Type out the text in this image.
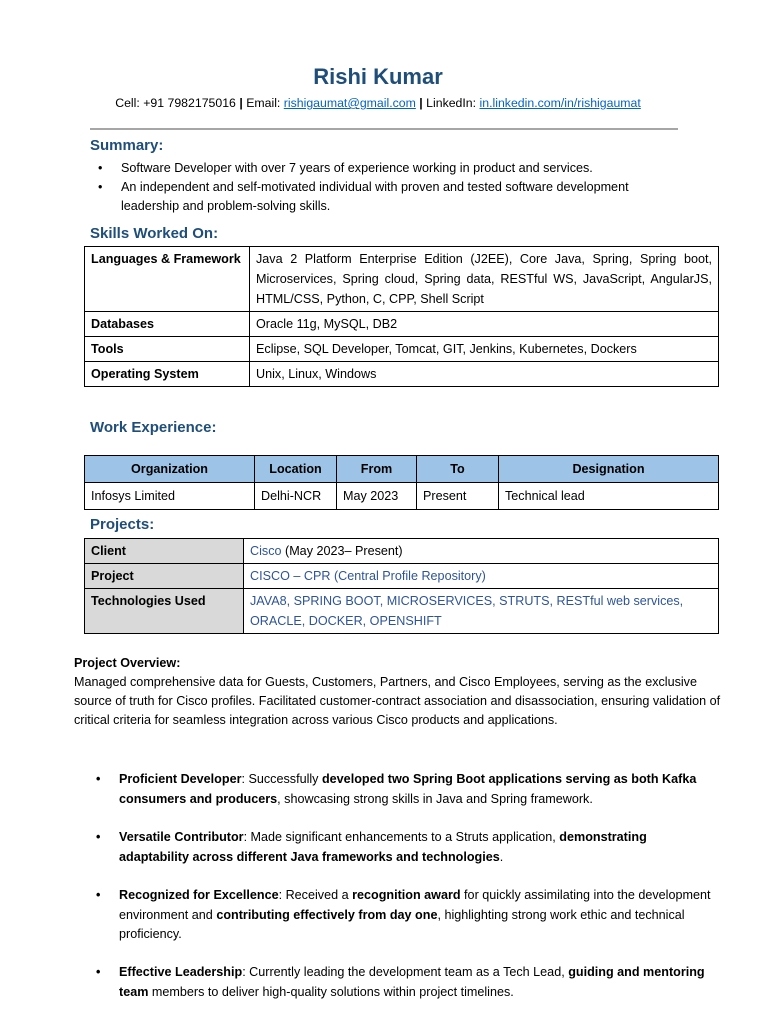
Rishi Kumar
Cell: +91 7982175016 | Email: rishigaumat@gmail.com | LinkedIn: in.linkedin.com/in/rishigaumat
Summary:
• Software Developer with over 7 years of experience working in product and services.
• An independent and self-motivated individual with proven and tested software development leadership and problem-solving skills.
Skills Worked On:
Languages & Framework	Java 2 Platform Enterprise Edition (J2EE), Core Java, Spring, Spring boot, Microservices, Spring cloud, Spring data, RESTful WS, JavaScript, AngularJS, HTML/CSS, Python, C, CPP, Shell Script
Databases	Oracle 11g, MySQL, DB2
Tools	Eclipse, SQL Developer, Tomcat, GIT, Jenkins, Kubernetes, Dockers
Operating System	Unix, Linux, Windows
Work Experience:
Organization	Location	From	To	Designation
Infosys Limited	Delhi-NCR	May 2023	Present	Technical lead
Projects:
Client	Cisco (May 2023– Present)
Project	CISCO – CPR (Central Profile Repository)
Technologies Used	JAVA8, SPRING BOOT, MICROSERVICES, STRUTS, RESTful web services, ORACLE, DOCKER, OPENSHIFT
Project Overview:
Managed comprehensive data for Guests, Customers, Partners, and Cisco Employees, serving as the exclusive source of truth for Cisco profiles. Facilitated customer-contract association and disassociation, ensuring validation of critical criteria for seamless integration across various Cisco products and applications.
• Proficient Developer: Successfully developed two Spring Boot applications serving as both Kafka consumers and producers, showcasing strong skills in Java and Spring framework.
• Versatile Contributor: Made significant enhancements to a Struts application, demonstrating adaptability across different Java frameworks and technologies.
• Recognized for Excellence: Received a recognition award for quickly assimilating into the development environment and contributing effectively from day one, highlighting strong work ethic and technical proficiency.
• Effective Leadership: Currently leading the development team as a Tech Lead, guiding and mentoring team members to deliver high-quality solutions within project timelines.
